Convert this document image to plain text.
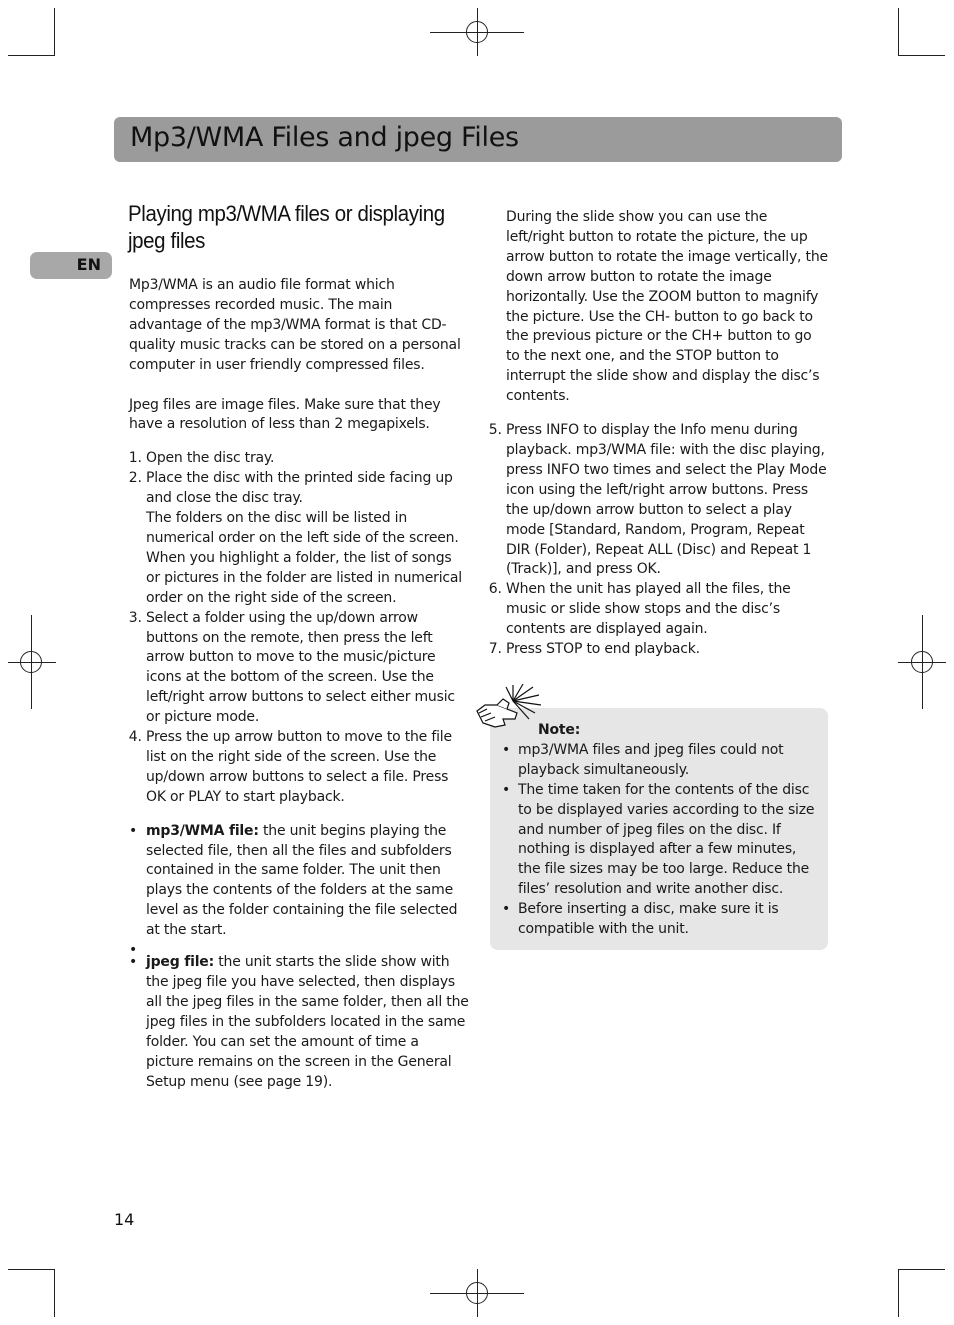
Mp3/WMA Files and jpeg Files
EN
Playing mp3/WMA files or displaying jpeg files

Mp3/WMA is an audio file format which compresses recorded music. The main advantage of the mp3/WMA format is that CD-quality music tracks can be stored on a personal computer in user friendly compressed files.

Jpeg files are image files. Make sure that they have a resolution of less than 2 megapixels.

1. Open the disc tray.
2. Place the disc with the printed side facing up and close the disc tray.
The folders on the disc will be listed in numerical order on the left side of the screen. When you highlight a folder, the list of songs or pictures in the folder are listed in numerical order on the right side of the screen.
3. Select a folder using the up/down arrow buttons on the remote, then press the left arrow button to move to the music/picture icons at the bottom of the screen. Use the left/right arrow buttons to select either music or picture mode.
4. Press the up arrow button to move to the file list on the right side of the screen. Use the up/down arrow buttons to select a file. Press OK or PLAY to start playback.
• mp3/WMA file: the unit begins playing the selected file, then all the files and subfolders contained in the same folder. The unit then plays the contents of the folders at the same level as the folder containing the file selected at the start.
•
• jpeg file: the unit starts the slide show with the jpeg file you have selected, then displays all the jpeg files in the same folder, then all the jpeg files in the subfolders located in the same folder. You can set the amount of time a picture remains on the screen in the General Setup menu (see page 19).

During the slide show you can use the left/right button to rotate the picture, the up arrow button to rotate the image vertically, the down arrow button to rotate the image horizontally. Use the ZOOM button to magnify the picture. Use the CH- button to go back to the previous picture or the CH+ button to go to the next one, and the STOP button to interrupt the slide show and display the disc’s contents.

5. Press INFO to display the Info menu during playback. mp3/WMA file: with the disc playing, press INFO two times and select the Play Mode icon using the left/right arrow buttons. Press the up/down arrow button to select a play mode [Standard, Random, Program, Repeat DIR (Folder), Repeat ALL (Disc) and Repeat 1 (Track)], and press OK.
6. When the unit has played all the files, the music or slide show stops and the disc’s contents are displayed again.
7. Press STOP to end playback.
Note:
• mp3/WMA files and jpeg files could not playback simultaneously.
• The time taken for the contents of the disc to be displayed varies according to the size and number of jpeg files on the disc. If nothing is displayed after a few minutes, the file sizes may be too large. Reduce the files’ resolution and write another disc.
• Before inserting a disc, make sure it is compatible with the unit.
14
